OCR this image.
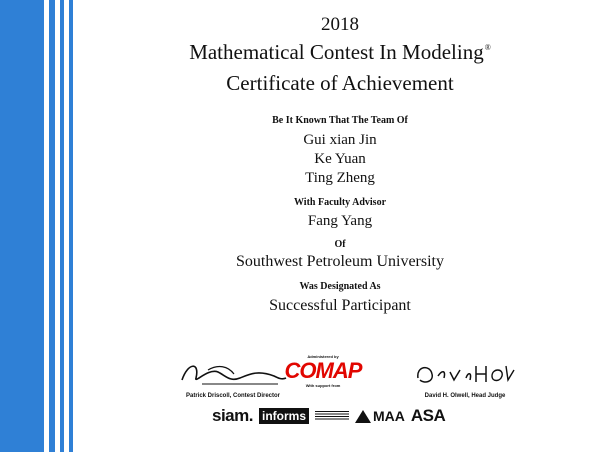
2018
Mathematical Contest In Modeling®
Certificate of Achievement
Be It Known That The Team Of
Gui xian Jin
Ke Yuan
Ting Zheng
With Faculty Advisor
Fang Yang
Of
Southwest Petroleum University
Was Designated As
Successful Participant
Patrick Driscoll, Contest Director
Administered by
COMAP
With support from
David H. Olwell, Head Judge
siam. informs	MAA ASA
